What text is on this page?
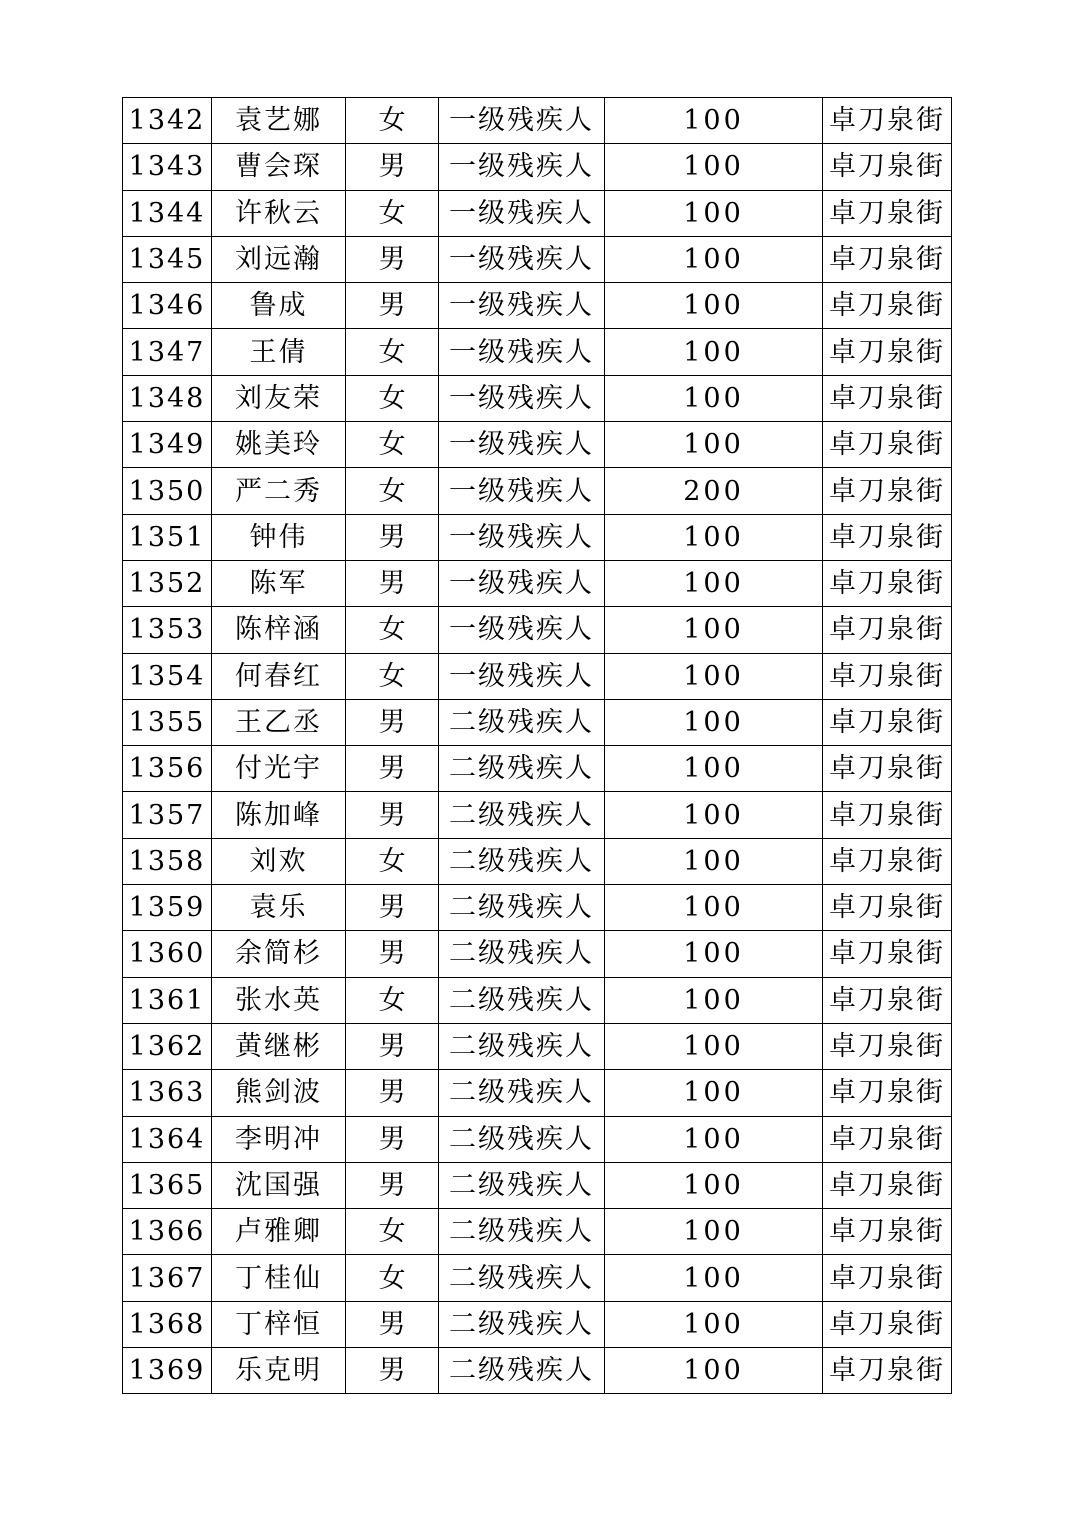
1342	袁艺娜	女	一级残疾人	100	卓刀泉街
1343	曹会琛	男	一级残疾人	100	卓刀泉街
1344	许秋云	女	一级残疾人	100	卓刀泉街
1345	刘远瀚	男	一级残疾人	100	卓刀泉街
1346	鲁成	男	一级残疾人	100	卓刀泉街
1347	王倩	女	一级残疾人	100	卓刀泉街
1348	刘友荣	女	一级残疾人	100	卓刀泉街
1349	姚美玲	女	一级残疾人	100	卓刀泉街
1350	严二秀	女	一级残疾人	200	卓刀泉街
1351	钟伟	男	一级残疾人	100	卓刀泉街
1352	陈军	男	一级残疾人	100	卓刀泉街
1353	陈梓涵	女	一级残疾人	100	卓刀泉街
1354	何春红	女	一级残疾人	100	卓刀泉街
1355	王乙丞	男	二级残疾人	100	卓刀泉街
1356	付光宇	男	二级残疾人	100	卓刀泉街
1357	陈加峰	男	二级残疾人	100	卓刀泉街
1358	刘欢	女	二级残疾人	100	卓刀泉街
1359	袁乐	男	二级残疾人	100	卓刀泉街
1360	余简杉	男	二级残疾人	100	卓刀泉街
1361	张水英	女	二级残疾人	100	卓刀泉街
1362	黄继彬	男	二级残疾人	100	卓刀泉街
1363	熊剑波	男	二级残疾人	100	卓刀泉街
1364	李明冲	男	二级残疾人	100	卓刀泉街
1365	沈国强	男	二级残疾人	100	卓刀泉街
1366	卢雅卿	女	二级残疾人	100	卓刀泉街
1367	丁桂仙	女	二级残疾人	100	卓刀泉街
1368	丁梓恒	男	二级残疾人	100	卓刀泉街
1369	乐克明	男	二级残疾人	100	卓刀泉街
